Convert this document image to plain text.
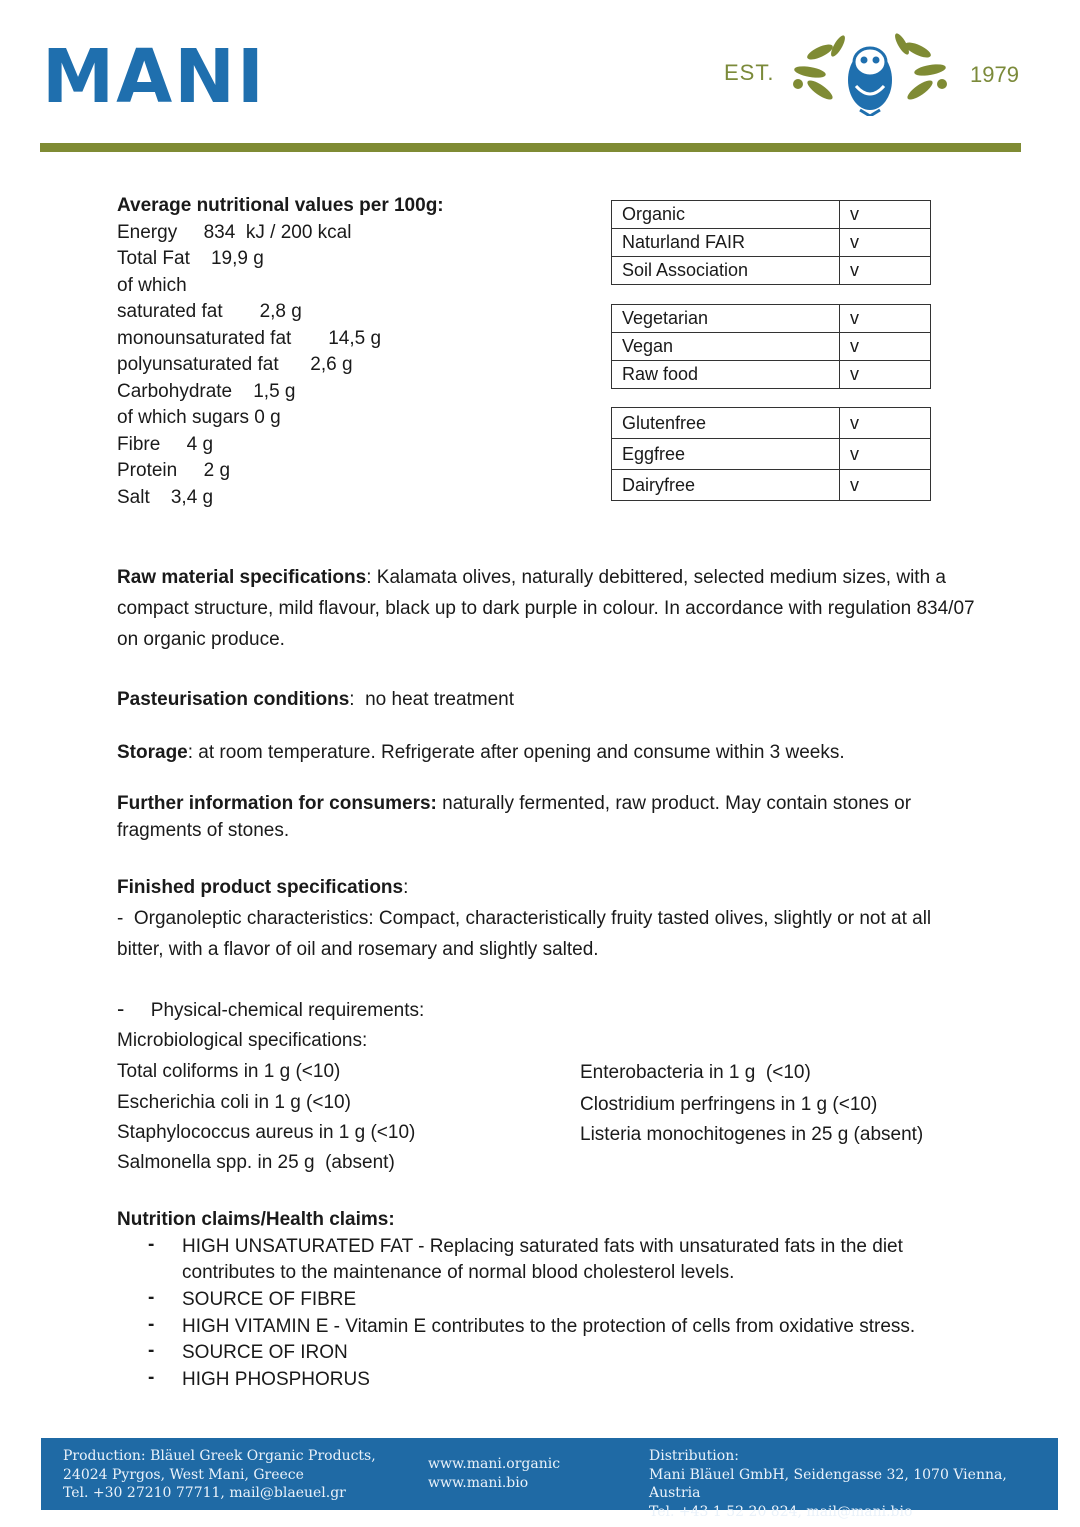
MANI	EST.	1979
Average nutritional values per 100g:
Energy     834  kJ / 200 kcal
Total Fat    19,9 g
of which
saturated fat       2,8 g
monounsaturated fat       14,5 g
polyunsaturated fat      2,6 g
Carbohydrate    1,5 g
of which sugars 0 g
Fibre     4 g
Protein     2 g
Salt    3,4 g
Organic	v
Naturland FAIR	v
Soil Association	v
Vegetarian	v
Vegan	v
Raw food	v
Glutenfree	v
Eggfree	v
Dairyfree	v
Raw material specifications: Kalamata olives, naturally debittered, selected medium sizes, with a compact structure, mild flavour, black up to dark purple in colour. In accordance with regulation 834/07 on organic produce.
Pasteurisation conditions:  no heat treatment
Storage: at room temperature. Refrigerate after opening and consume within 3 weeks.
Further information for consumers: naturally fermented, raw product. May contain stones or fragments of stones.
Finished product specifications:
-  Organoleptic characteristics: Compact, characteristically fruity tasted olives, slightly or not at all bitter, with a flavor of oil and rosemary and slightly salted.
- Physical-chemical requirements:
Microbiological specifications:
Total coliforms in 1 g (<10)
Escherichia coli in 1 g (<10)
Staphylococcus aureus in 1 g (<10)
Salmonella spp. in 25 g  (absent)
Enterobacteria in 1 g  (<10)
Clostridium perfringens in 1 g (<10)
Listeria monochitogenes in 25 g (absent)
Nutrition claims/Health claims:
- HIGH UNSATURATED FAT - Replacing saturated fats with unsaturated fats in the diet contributes to the maintenance of normal blood cholesterol levels.
- SOURCE OF FIBRE
- HIGH VITAMIN E - Vitamin E contributes to the protection of cells from oxidative stress.
- SOURCE OF IRON
- HIGH PHOSPHORUS
Production: Bläuel Greek Organic Products,
24024 Pyrgos, West Mani, Greece
Tel. +30 27210 77711, mail@blaeuel.gr
www.mani.organic
www.mani.bio
Distribution:
Mani Bläuel GmbH, Seidengasse 32, 1070 Vienna, Austria
Tel. +43 1 52 20 824, mail@mani.bio
